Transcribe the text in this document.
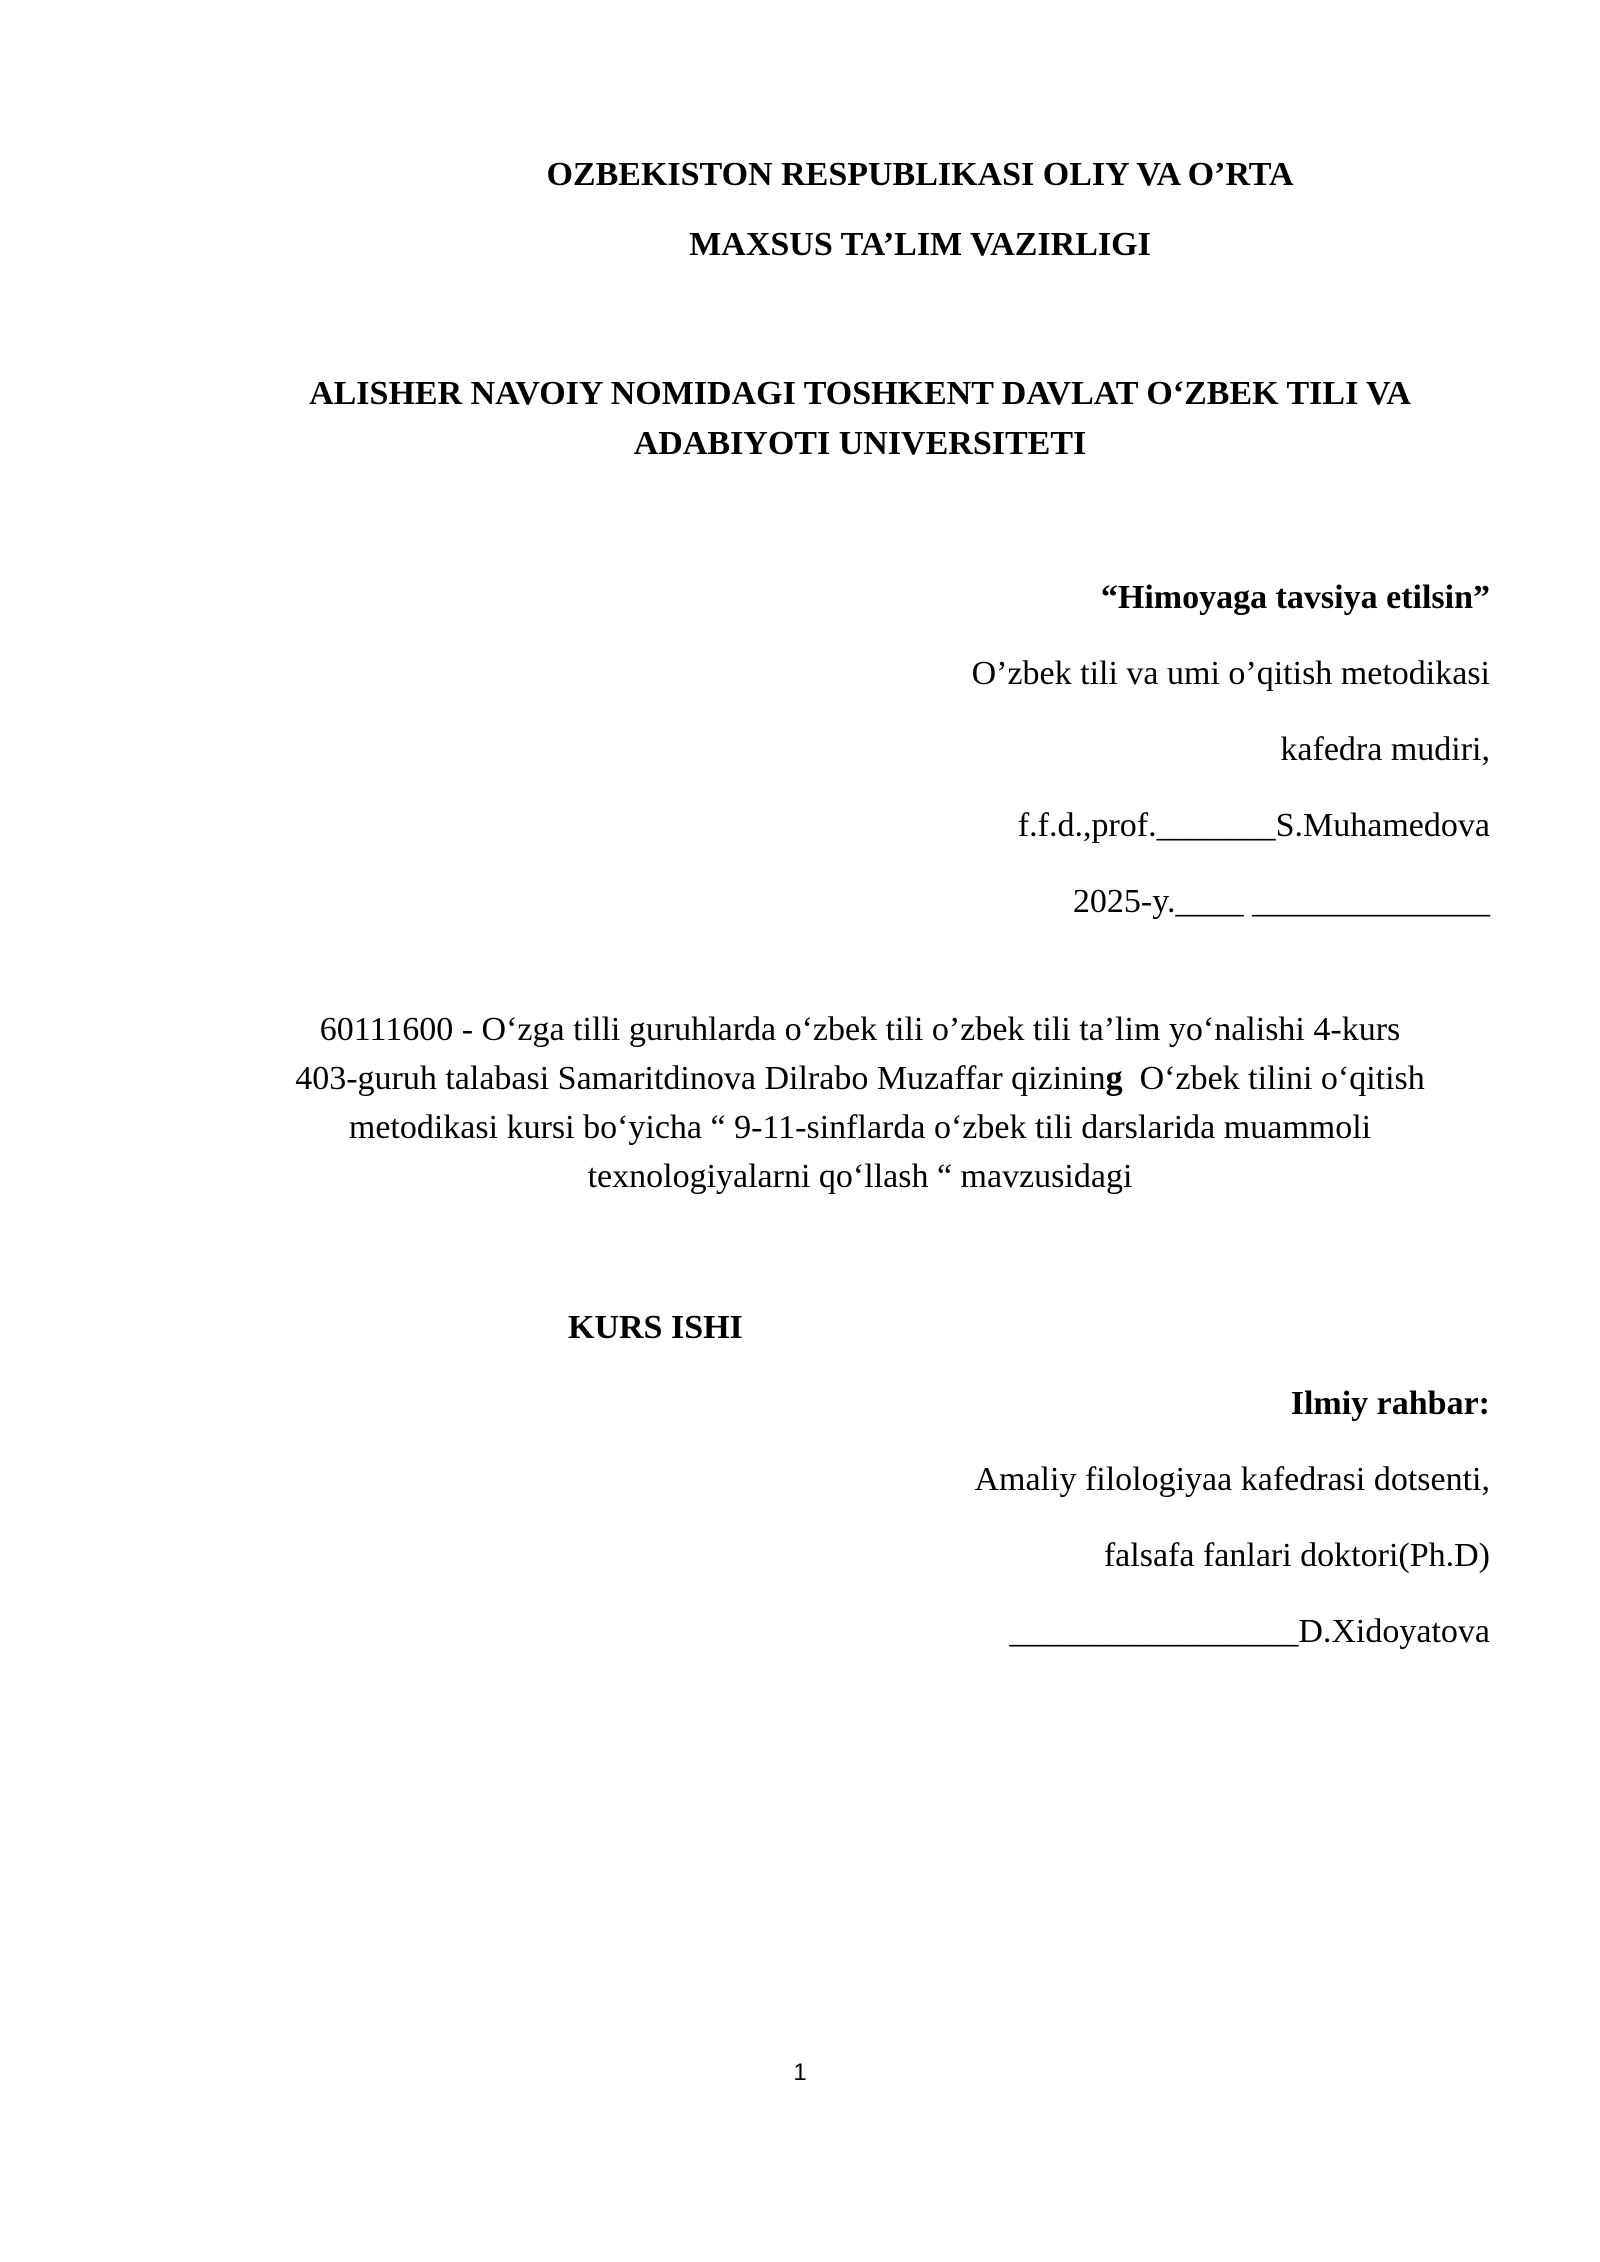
OZBEKISTON RESPUBLIKASI OLIY VA O’RTA
MAXSUS TA’LIM VAZIRLIGI
ALISHER NAVOIY NOMIDAGI TOSHKENT DAVLAT O‘ZBEK TILI VA
ADABIYOTI UNIVERSITETI
“Himoyaga tavsiya etilsin”
O’zbek tili va umi o’qitish metodikasi
kafedra mudiri,
f.f.d.,prof._______S.Muhamedova
2025-y.____ ______________
60111600 - O‘zga tilli guruhlarda o‘zbek tili o’zbek tili ta’lim yo‘nalishi 4-kurs
403-guruh talabasi Samaritdinova Dilrabo Muzaffar qizining  O‘zbek tilini o‘qitish
metodikasi kursi bo‘yicha “ 9-11-sinflarda o‘zbek tili darslarida muammoli
texnologiyalarni qo‘llash “ mavzusidagi
KURS ISHI
Ilmiy rahbar:
Amaliy filologiyaa kafedrasi dotsenti,
falsafa fanlari doktori(Ph.D)
_________________D.Xidoyatova
1
